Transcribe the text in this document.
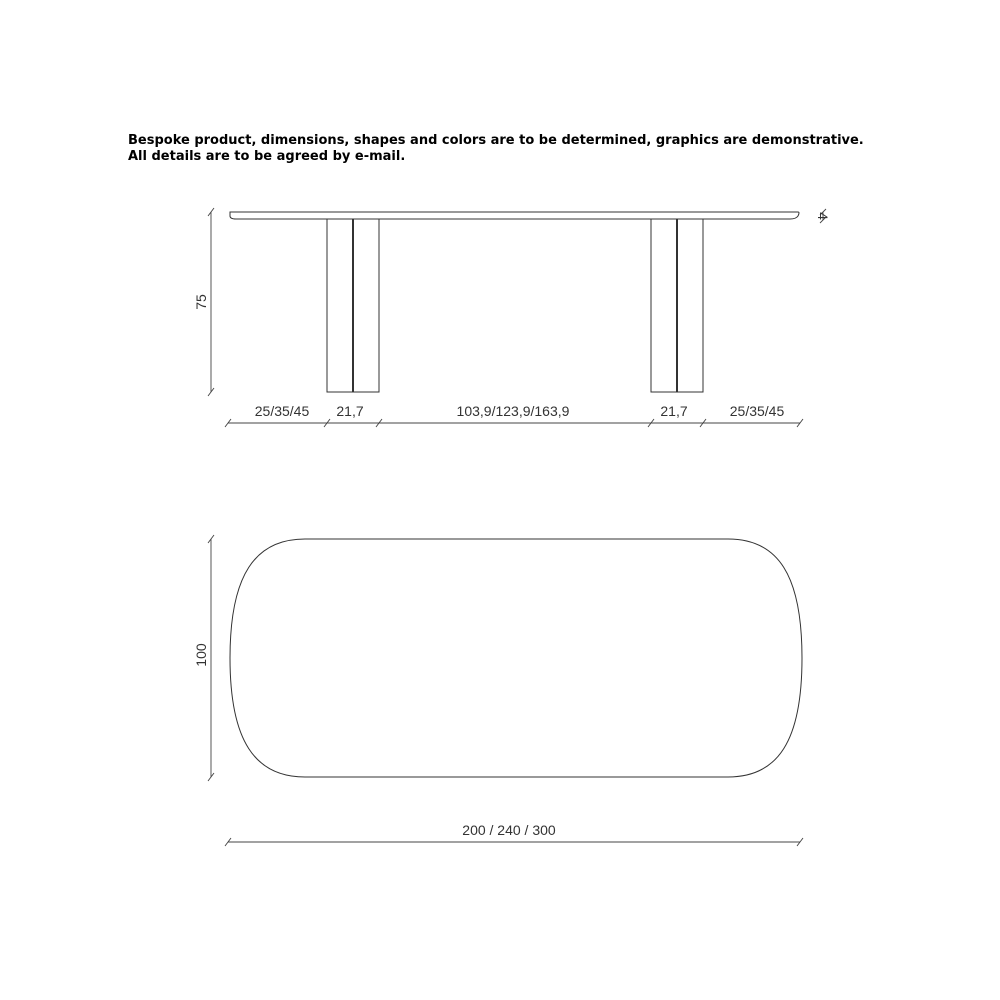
Bespoke product, dimensions, shapes and colors are to be determined, graphics are demonstrative.
All details are to be agreed by e-mail.
75
4
25/35/45 21,7	103,9/123,9/163,9	21,7	25/35/45
100
200 / 240 / 300
